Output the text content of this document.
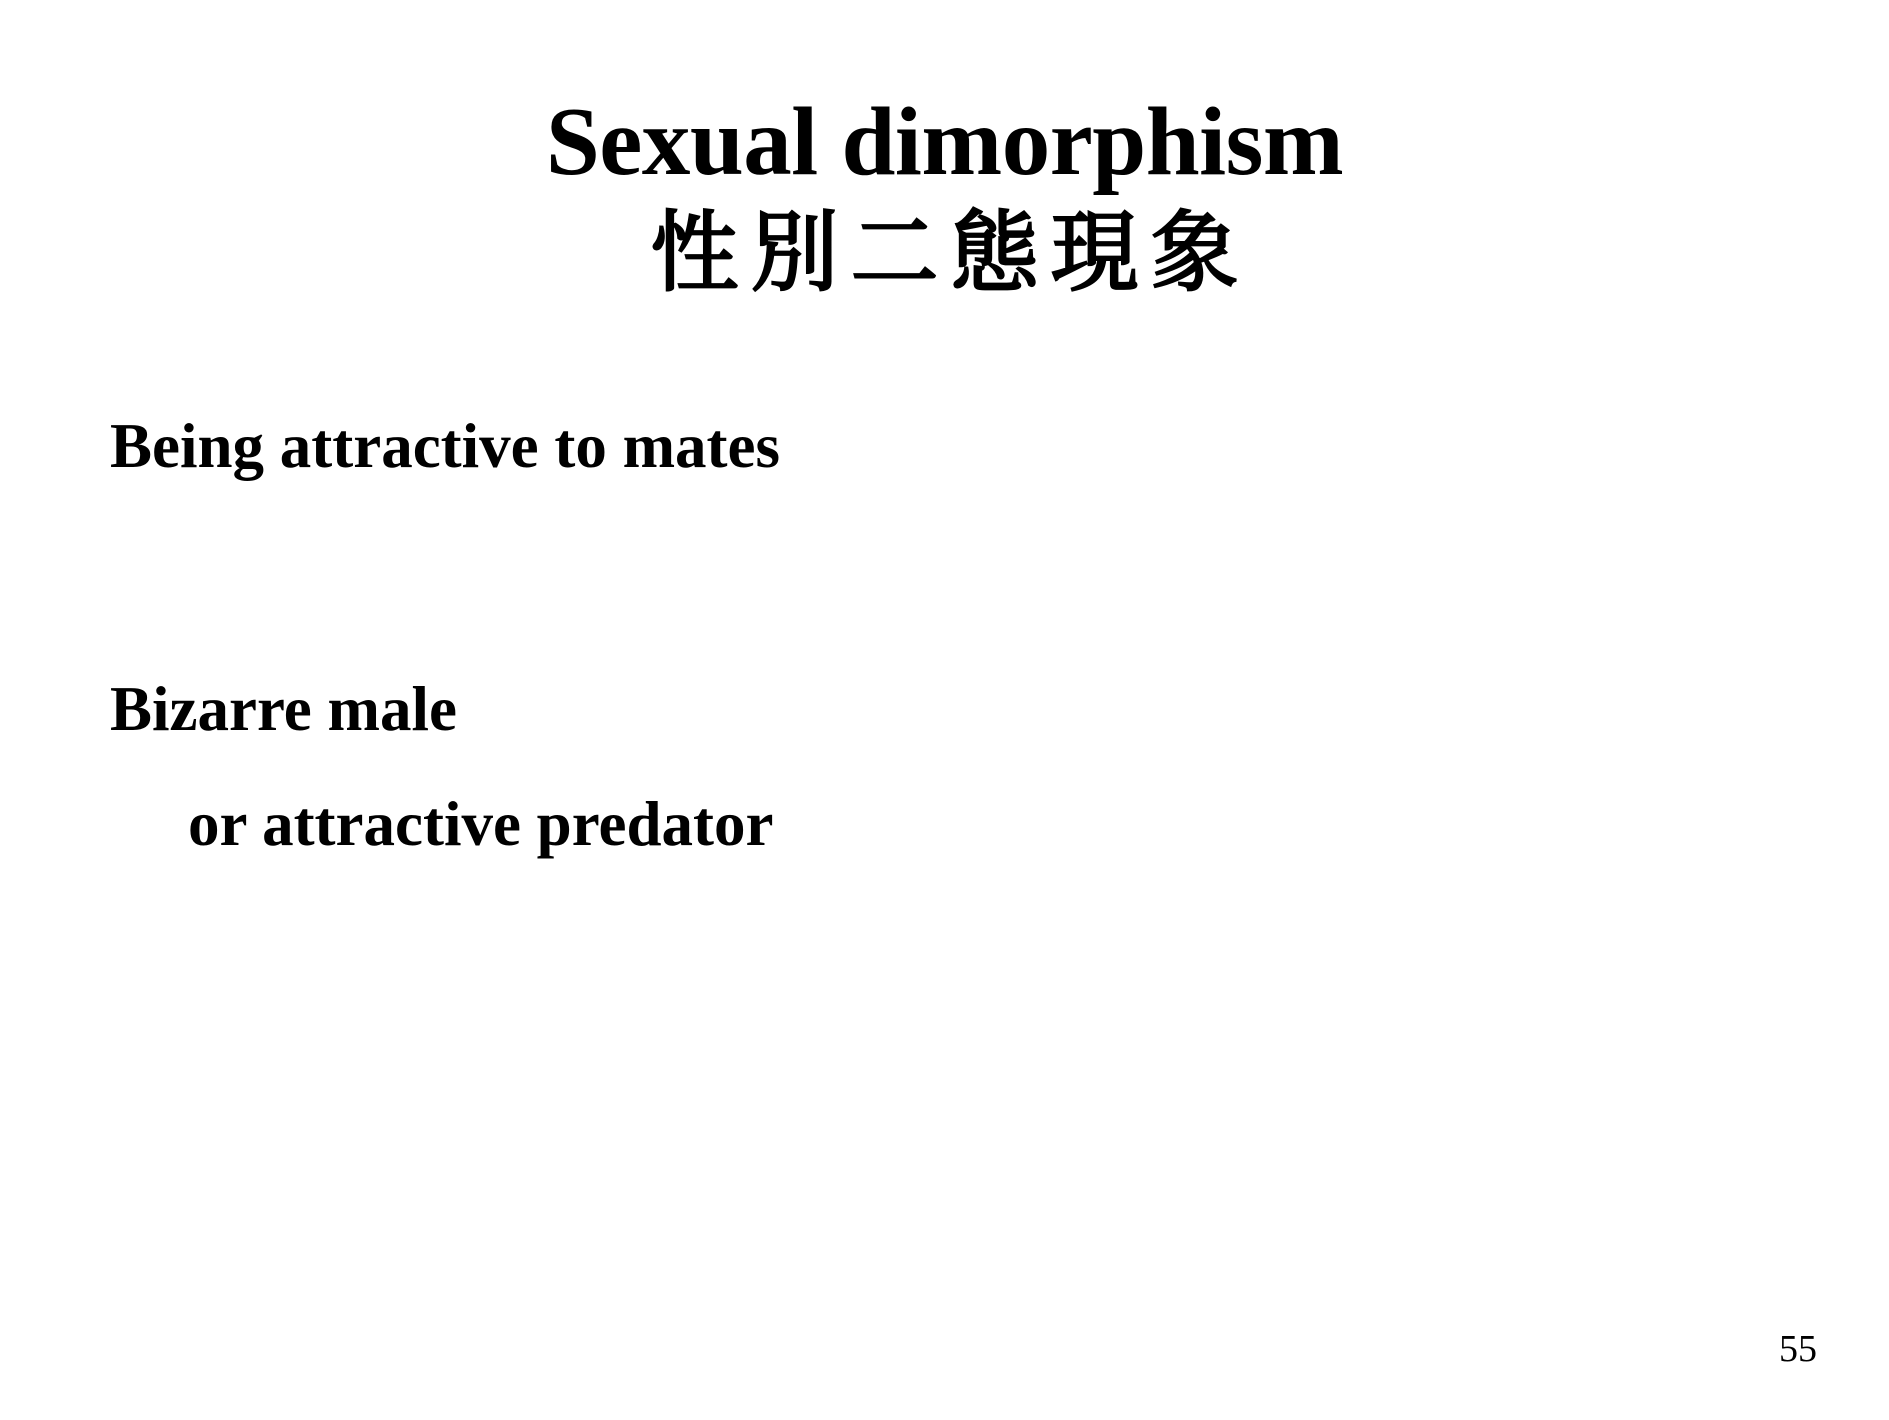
Sexual dimorphism
性別二態現象
Being attractive to mates
Bizarre male
or attractive predator
55
